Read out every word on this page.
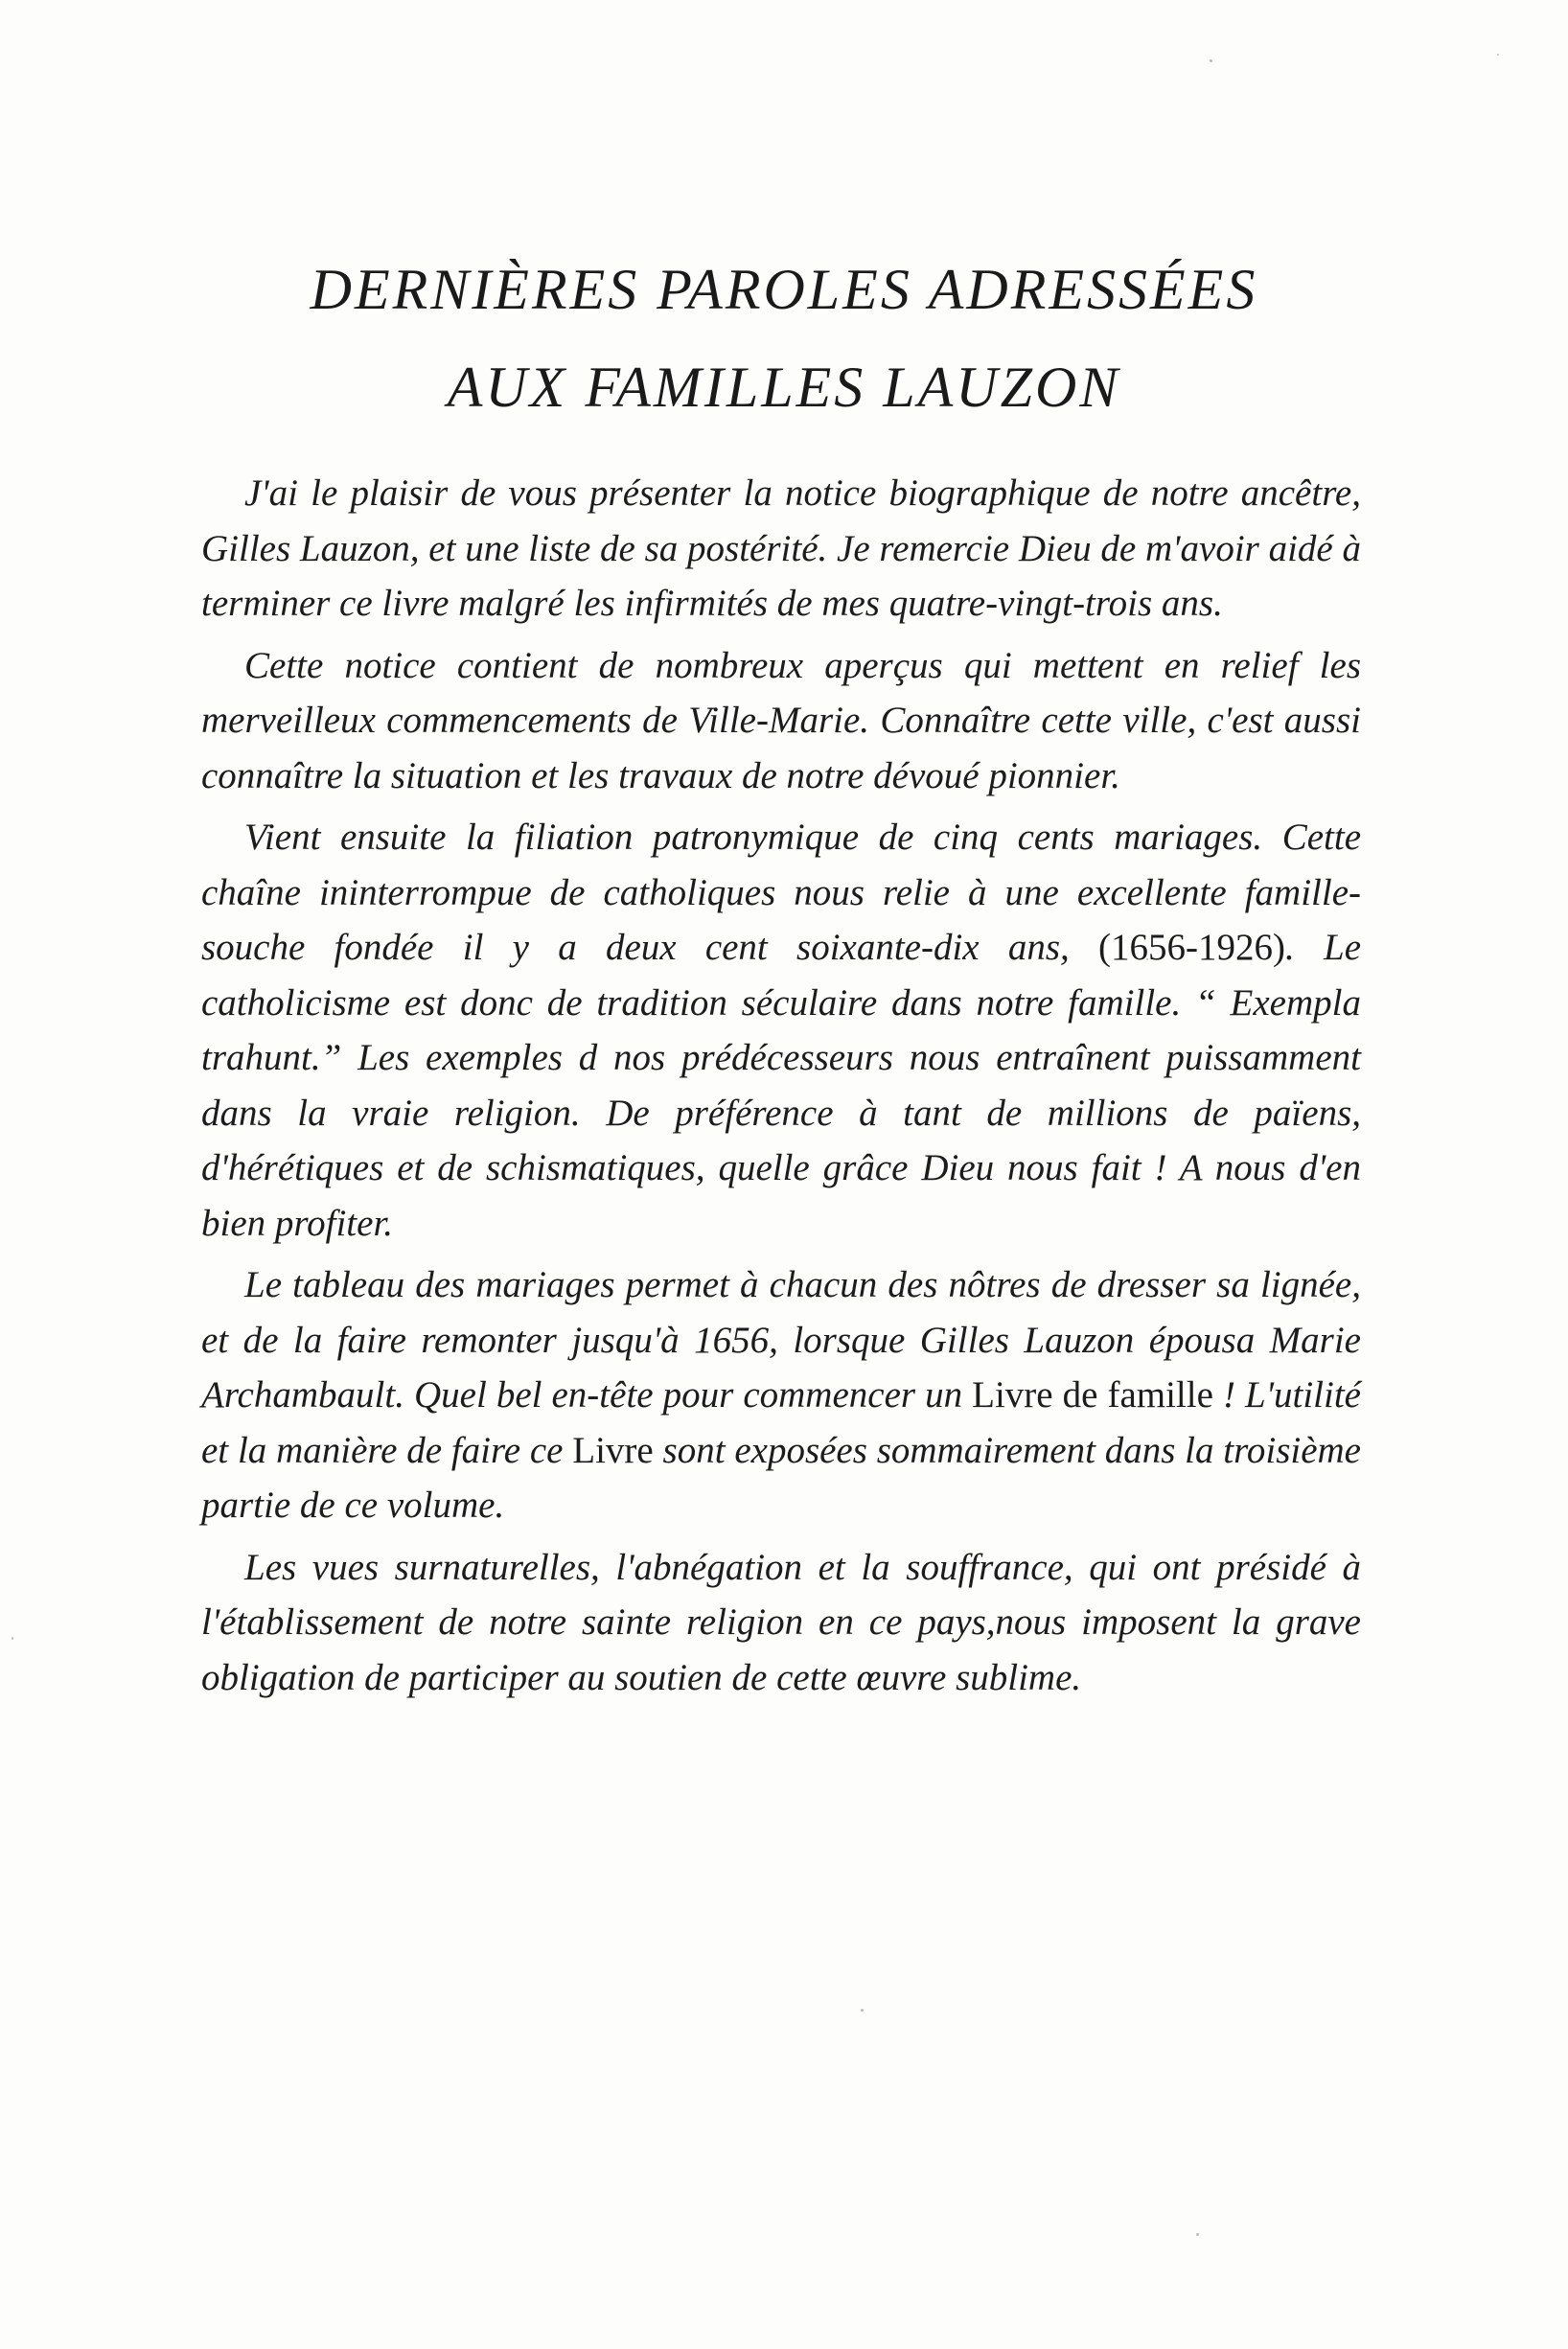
DERNIÈRES PAROLES ADRESSÉES
AUX FAMILLES LAUZON

J'ai le plaisir de vous présenter la notice biographique de notre ancêtre, Gilles Lauzon, et une liste de sa postérité. Je remercie Dieu de m'avoir aidé à terminer ce livre malgré les infirmités de mes quatre-vingt-trois ans.

Cette notice contient de nombreux aperçus qui mettent en relief les merveilleux commencements de Ville-Marie. Connaître cette ville, c'est aussi connaître la situation et les travaux de notre dévoué pionnier.

Vient ensuite la filiation patronymique de cinq cents mariages. Cette chaîne ininterrompue de catholiques nous relie à une excellente famille-souche fondée il y a deux cent soixante-dix ans, (1656-1926). Le catholicisme est donc de tradition séculaire dans notre famille. “ Exempla trahunt.” Les exemples d nos prédécesseurs nous entraînent puissamment dans la vraie religion. De préférence à tant de millions de païens, d'hérétiques et de schismatiques, quelle grâce Dieu nous fait ! A nous d'en bien profiter.

Le tableau des mariages permet à chacun des nôtres de dresser sa lignée, et de la faire remonter jusqu'à 1656, lorsque Gilles Lauzon épousa Marie Archambault. Quel bel en-tête pour commencer un Livre de famille ! L'utilité et la manière de faire ce Livre sont exposées sommairement dans la troisième partie de ce volume.

Les vues surnaturelles, l'abnégation et la souffrance, qui ont présidé à l'établissement de notre sainte religion en ce pays,nous imposent la grave obligation de participer au soutien de cette œuvre sublime.
